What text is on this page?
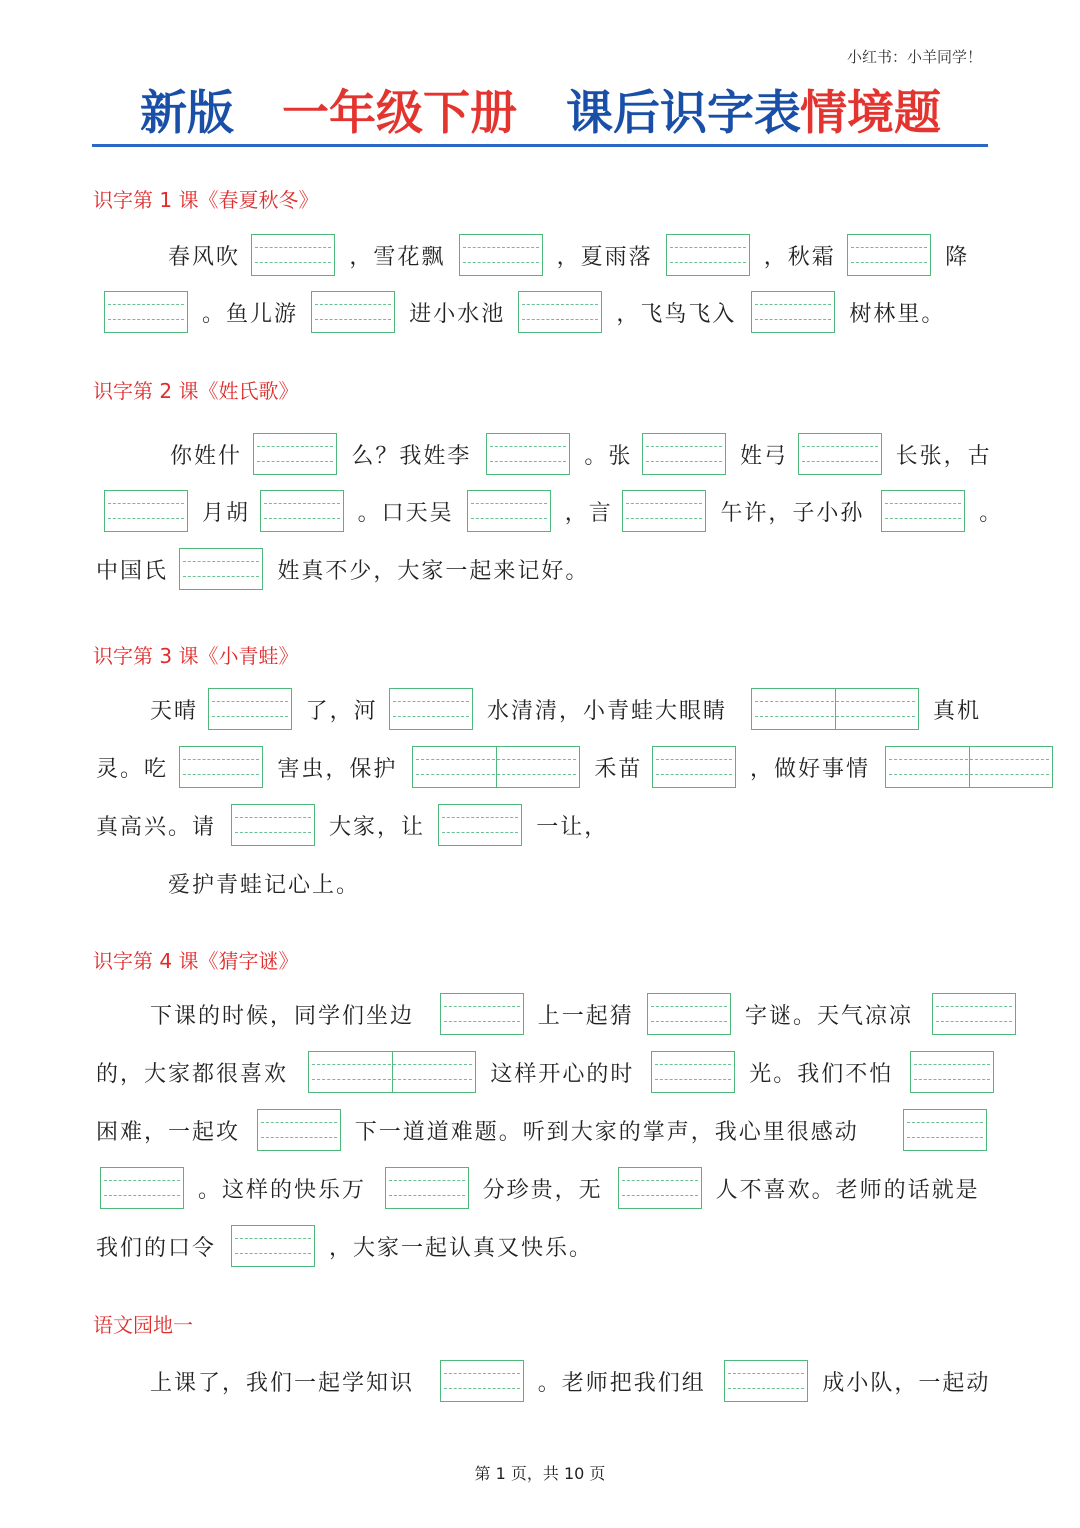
小红书：小羊同学！
新版 一年级下册 课后识字表 情境题
识字第 1 课《春夏秋冬》
春风吹	，雪花飘	，夏雨落	，秋霜	降
。鱼儿游	进小水池	，飞鸟飞入	树林里。
识字第 2 课《姓氏歌》
你姓什	么？我姓李	。张	姓弓	长张，古
月胡	。口天吴	，言	午许，子小孙	。
中国氏	姓真不少，大家一起来记好。
识字第 3 课《小青蛙》
天晴	了，河	水清清，小青蛙大眼睛	真机
灵。吃	害虫，保护	禾苗	，做好事情
真高兴。请	大家，让	一让，
爱护青蛙记心上。
识字第 4 课《猜字谜》
下课的时候，同学们坐边	上一起猜	字谜。天气凉凉
的，大家都很喜欢	这样开心的时	光。我们不怕
困难，一起攻	下一道道难题。听到大家的掌声，我心里很感动
。这样的快乐万	分珍贵，无	人不喜欢。老师的话就是
我们的口令	，大家一起认真又快乐。
语文园地一
上课了，我们一起学知识	。老师把我们组	成小队，一起动
第 1 页，共 10 页
